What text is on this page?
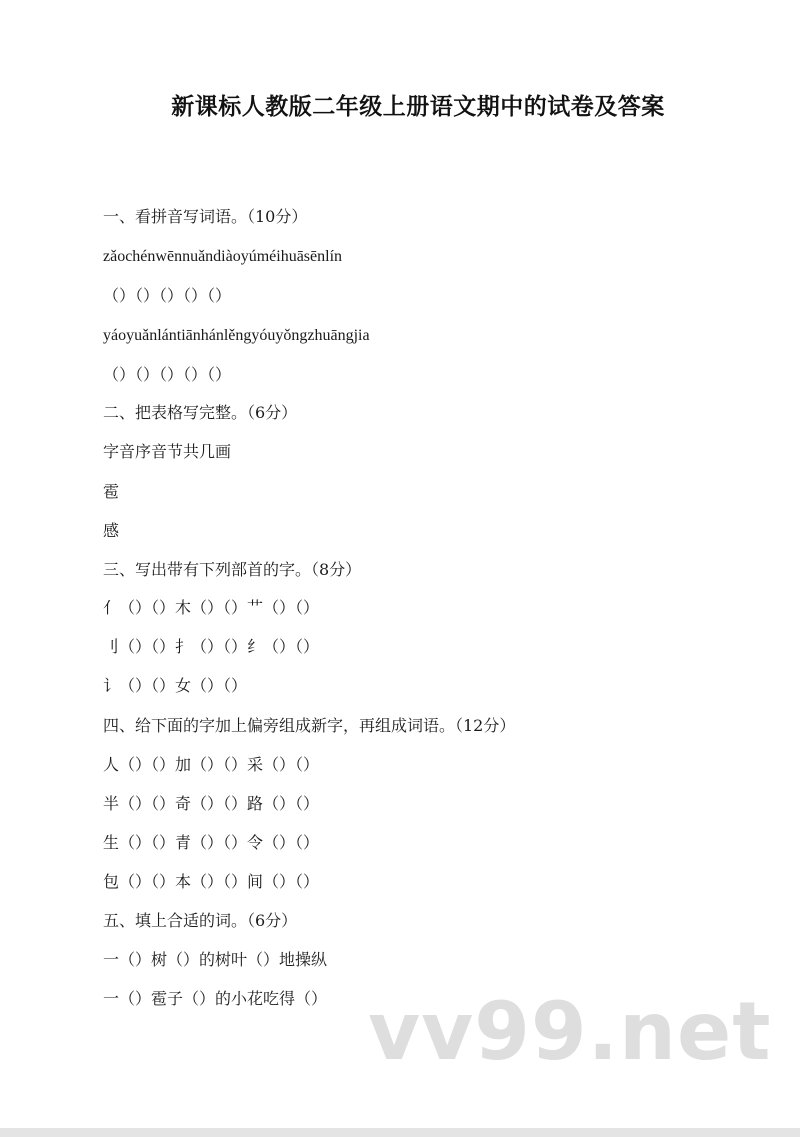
新课标人教版二年级上册语文期中的试卷及答案
一、看拼音写词语。（10分）
zǎochénwēnnuǎndiàoyúméihuāsēnlín
（）（）（）（）（）
yáoyuǎnlántiānhánlěngyóuyǒngzhuāngjia
（）（）（）（）（）
二、把表格写完整。（6分）
字音序音节共几画
雹
感
三、写出带有下列部首的字。（8分）
亻（）（）木（）（）艹（）（）
刂（）（）扌（）（）纟（）（）
讠（）（）女（）（）
四、给下面的字加上偏旁组成新字，再组成词语。（12分）
人（）（）加（）（）采（）（）
半（）（）奇（）（）路（）（）
生（）（）青（）（）令（）（）
包（）（）本（）（）间（）（）
五、填上合适的词。（6分）
一（）树（）的树叶（）地操纵
一（）雹子（）的小花吃得（） vv99.net
